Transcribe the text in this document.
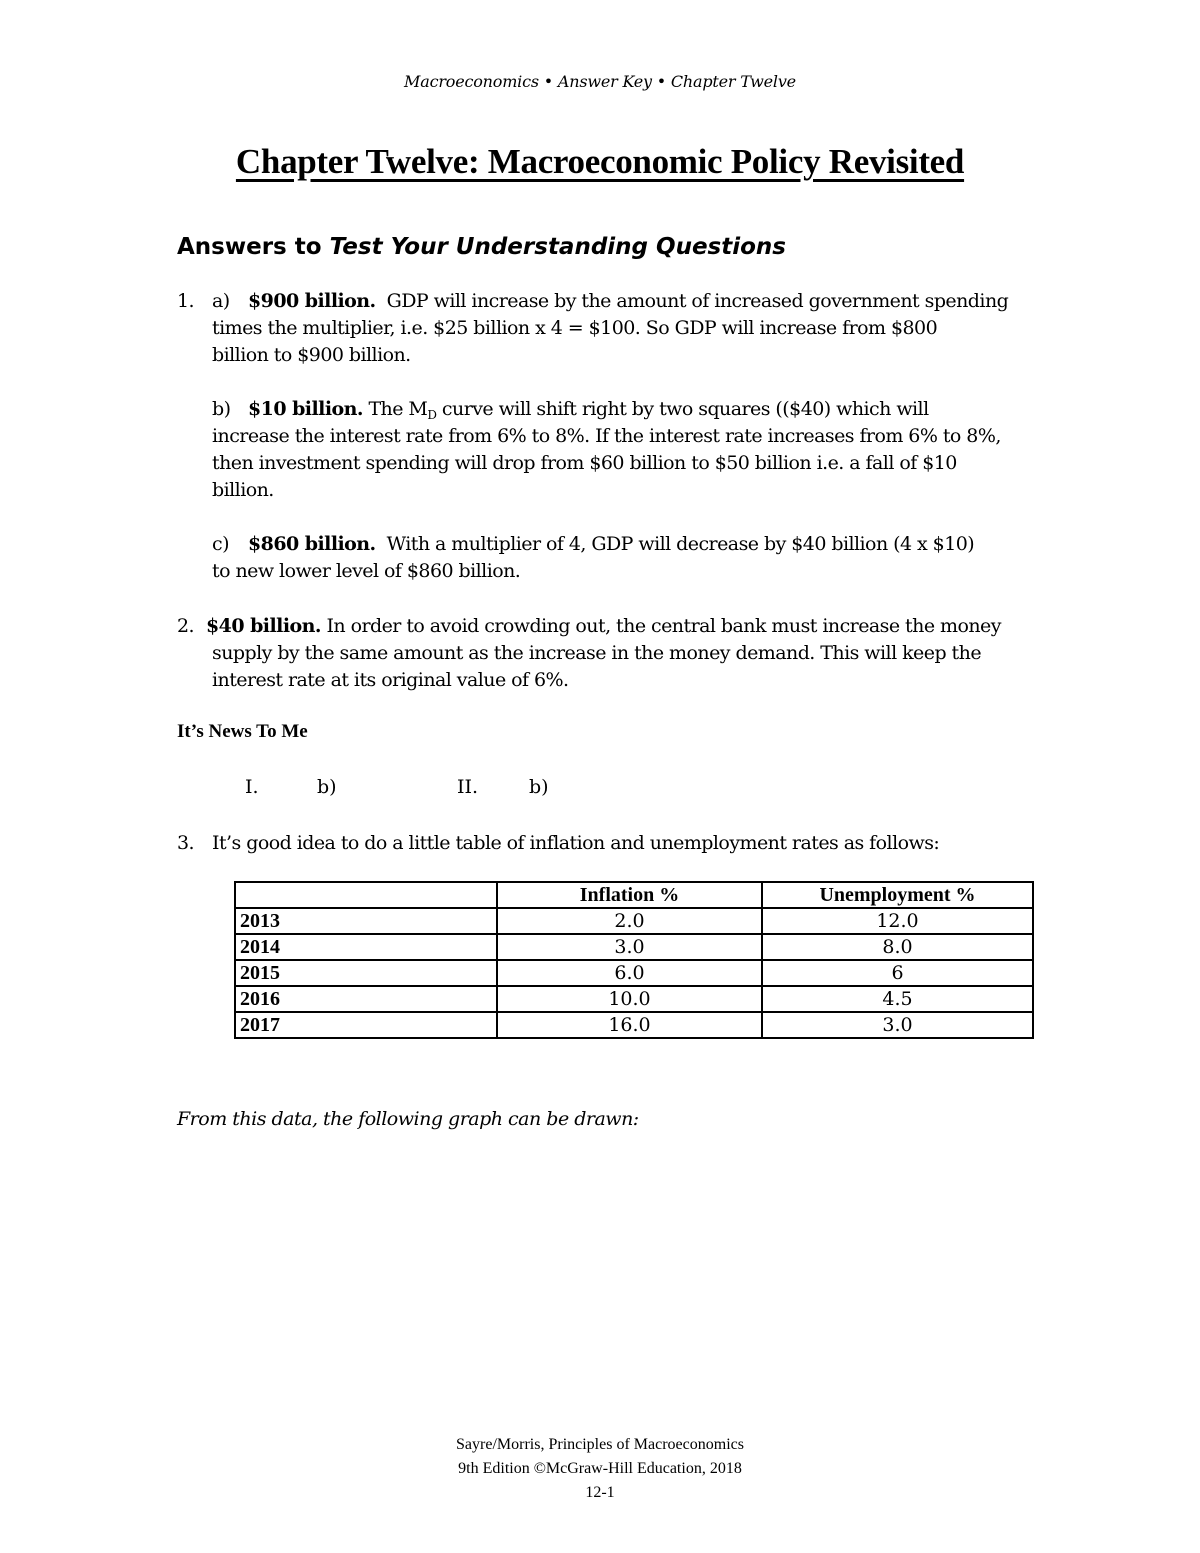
Macroeconomics • Answer Key • Chapter Twelve
Chapter Twelve: Macroeconomic Policy Revisited
Answers to Test Your Understanding Questions
1. a) $900 billion. GDP will increase by the amount of increased government spending
times the multiplier, i.e. $25 billion x 4 = $100. So GDP will increase from $800
billion to $900 billion.
b) $10 billion. The $M_D$ curve will shift right by two squares (($40) which will
increase the interest rate from 6% to 8%. If the interest rate increases from 6% to 8%,
then investment spending will drop from $60 billion to $50 billion i.e. a fall of $10
billion.
c) $860 billion. With a multiplier of 4, GDP will decrease by $40 billion (4 x $10)
to new lower level of $860 billion.
2. $40 billion. In order to avoid crowding out, the central bank must increase the money
supply by the same amount as the increase in the money demand. This will keep the
interest rate at its original value of 6%.
It’s News To Me
I.	b)	II.	b)
3. It’s good idea to do a little table of inflation and unemployment rates as follows:
	Inflation %	Unemployment %
2013	2.0	12.0
2014	3.0	8.0
2015	6.0	6
2016	10.0	4.5
2017	16.0	3.0
From this data, the following graph can be drawn:
Sayre/Morris, Principles of Macroeconomics
9th Edition ©McGraw-Hill Education, 2018
12-1
